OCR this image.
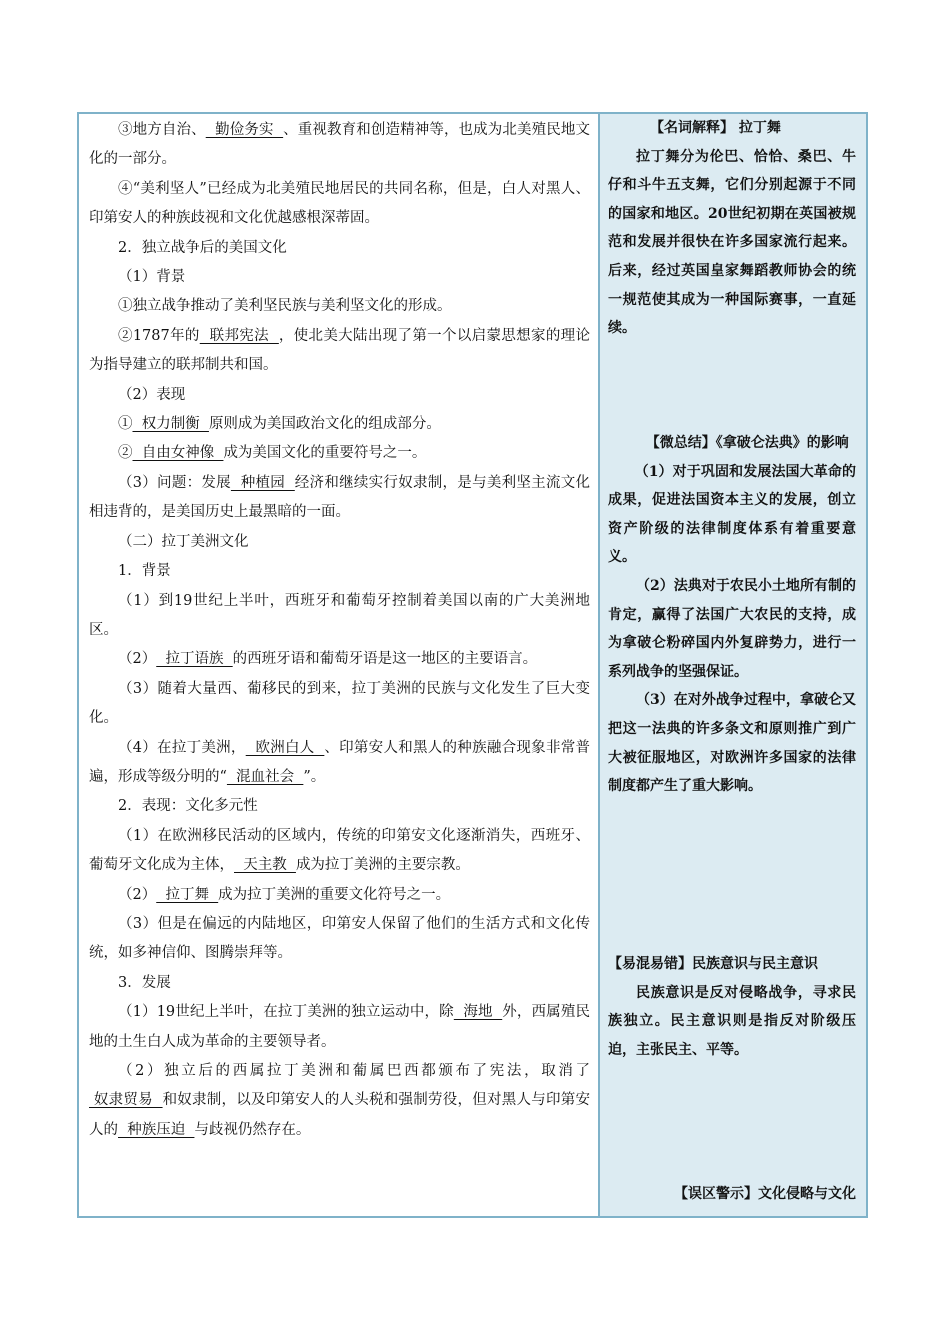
③地方自治、  勤俭务实  、重视教育和创造精神等，也成为北美殖民地文化的一部分。

④“美利坚人”已经成为北美殖民地居民的共同名称，但是，白人对黑人、印第安人的种族歧视和文化优越感根深蒂固。

2．独立战争后的美国文化

（1）背景

①独立战争推动了美利坚民族与美利坚文化的形成。

②1787年的  联邦宪法  ，使北美大陆出现了第一个以启蒙思想家的理论为指导建立的联邦制共和国。

（2）表现

①  权力制衡  原则成为美国政治文化的组成部分。

②  自由女神像  成为美国文化的重要符号之一。

（3）问题：发展  种植园  经济和继续实行奴隶制，是与美利坚主流文化相违背的，是美国历史上最黑暗的一面。

（二）拉丁美洲文化

1．背景

（1）到19世纪上半叶，西班牙和葡萄牙控制着美国以南的广大美洲地区。

（2）  拉丁语族  的西班牙语和葡萄牙语是这一地区的主要语言。

（3）随着大量西、葡移民的到来，拉丁美洲的民族与文化发生了巨大变化。

（4）在拉丁美洲，  欧洲白人  、印第安人和黑人的种族融合现象非常普遍，形成等级分明的“  混血社会  ”。

2．表现：文化多元性

（1）在欧洲移民活动的区域内，传统的印第安文化逐渐消失，西班牙、葡萄牙文化成为主体，  天主教  成为拉丁美洲的主要宗教。

（2）  拉丁舞  成为拉丁美洲的重要文化符号之一。

（3）但是在偏远的内陆地区，印第安人保留了他们的生活方式和文化传统，如多神信仰、图腾崇拜等。

3．发展

（1）19世纪上半叶，在拉丁美洲的独立运动中，除  海地  外，西属殖民地的土生白人成为革命的主要领导者。

（2）独立后的西属拉丁美洲和葡属巴西都颁布了宪法，取消了 奴隶贸易  和奴隶制，以及印第安人的人头税和强制劳役，但对黑人与印第安人的  种族压迫  与歧视仍然存在。

【名词解释】 拉丁舞

拉丁舞分为伦巴、恰恰、桑巴、牛仔和斗牛五支舞，它们分别起源于不同的国家和地区。20世纪初期在英国被规范和发展并很快在许多国家流行起来。后来，经过英国皇家舞蹈教师协会的统一规范使其成为一种国际赛事，一直延续。

【微总结】《拿破仑法典》的影响

（1）对于巩固和发展法国大革命的成果，促进法国资本主义的发展，创立资产阶级的法律制度体系有着重要意义。

（2）法典对于农民小土地所有制的肯定，赢得了法国广大农民的支持，成为拿破仑粉碎国内外复辟势力，进行一系列战争的坚强保证。

（3）在对外战争过程中，拿破仑又把这一法典的许多条文和原则推广到广大被征服地区，对欧洲许多国家的法律制度都产生了重大影响。

【易混易错】民族意识与民主意识

民族意识是反对侵略战争，寻求民族独立。民主意识则是指反对阶级压迫，主张民主、平等。

【误区警示】文化侵略与文化
